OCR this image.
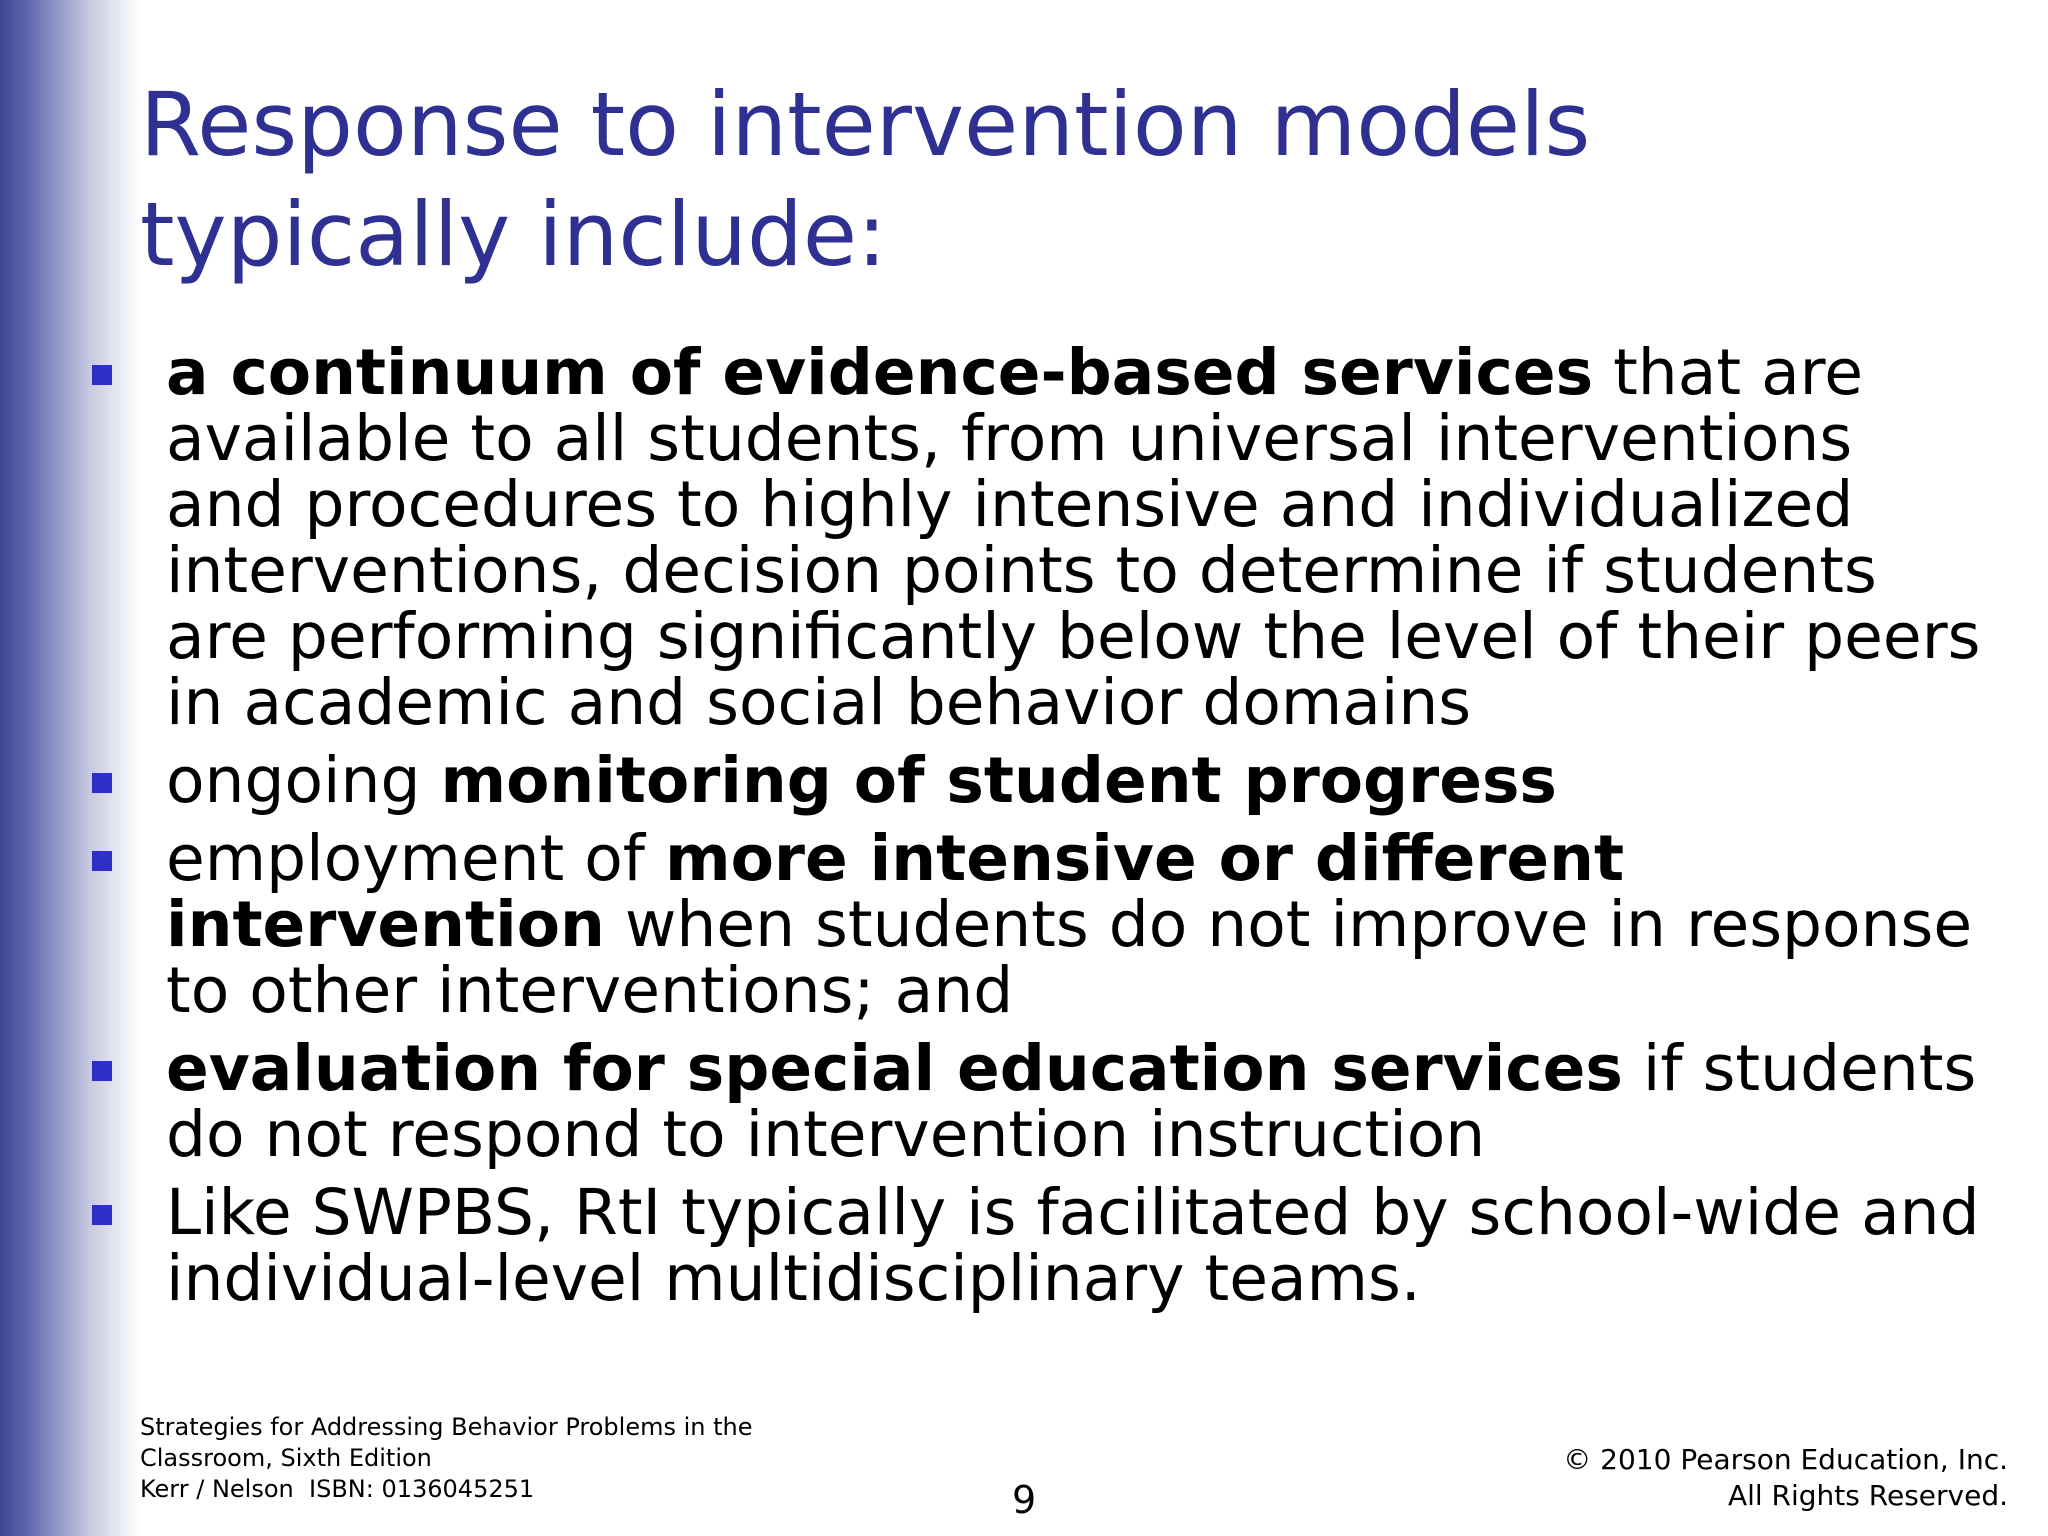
Response to intervention models typically include:
a continuum of evidence-based services that are available to all students, from universal interventions and procedures to highly intensive and individualized interventions, decision points to determine if students are performing significantly below the level of their peers in academic and social behavior domains
ongoing monitoring of student progress
employment of more intensive or different intervention when students do not improve in response to other interventions; and
evaluation for special education services if students do not respond to intervention instruction
Like SWPBS, RtI typically is facilitated by school-wide and individual-level multidisciplinary teams.
Strategies for Addressing Behavior Problems in the
Classroom, Sixth Edition
Kerr / Nelson  ISBN: 0136045251	9
© 2010 Pearson Education, Inc.
All Rights Reserved.
